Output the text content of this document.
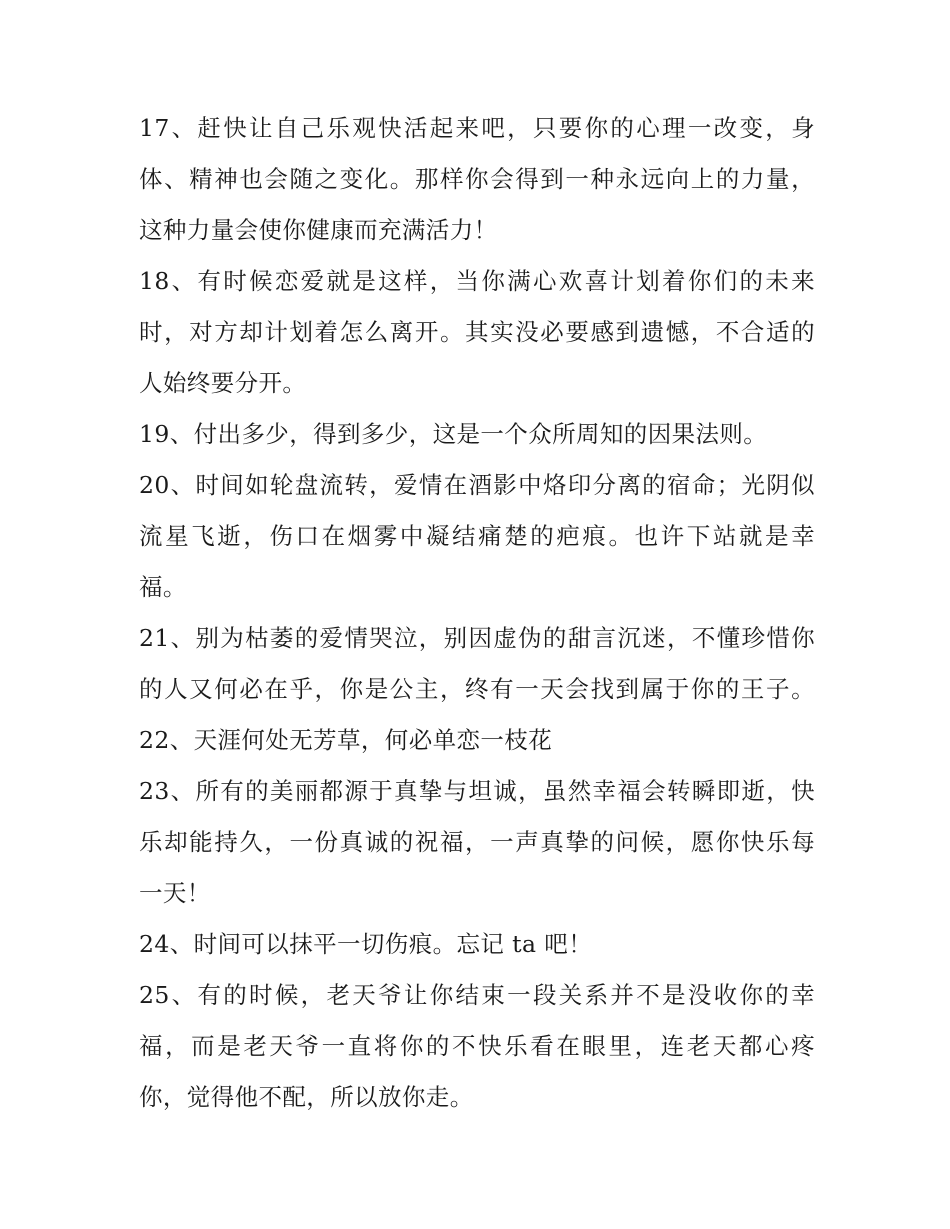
17、赶快让自己乐观快活起来吧，只要你的心理一改变，身
体、精神也会随之变化。那样你会得到一种永远向上的力量，
这种力量会使你健康而充满活力！
18、有时候恋爱就是这样，当你满心欢喜计划着你们的未来
时，对方却计划着怎么离开。其实没必要感到遗憾，不合适的
人始终要分开。
19、付出多少，得到多少，这是一个众所周知的因果法则。
20、时间如轮盘流转，爱情在酒影中烙印分离的宿命；光阴似
流星飞逝，伤口在烟雾中凝结痛楚的疤痕。也许下站就是幸
福。
21、别为枯萎的爱情哭泣，别因虚伪的甜言沉迷，不懂珍惜你
的人又何必在乎，你是公主，终有一天会找到属于你的王子。
22、天涯何处无芳草，何必单恋一枝花
23、所有的美丽都源于真挚与坦诚，虽然幸福会转瞬即逝，快
乐却能持久，一份真诚的祝福，一声真挚的问候，愿你快乐每
一天！
24、时间可以抹平一切伤痕。忘记 ta 吧！
25、有的时候，老天爷让你结束一段关系并不是没收你的幸
福，而是老天爷一直将你的不快乐看在眼里，连老天都心疼
你，觉得他不配，所以放你走。
